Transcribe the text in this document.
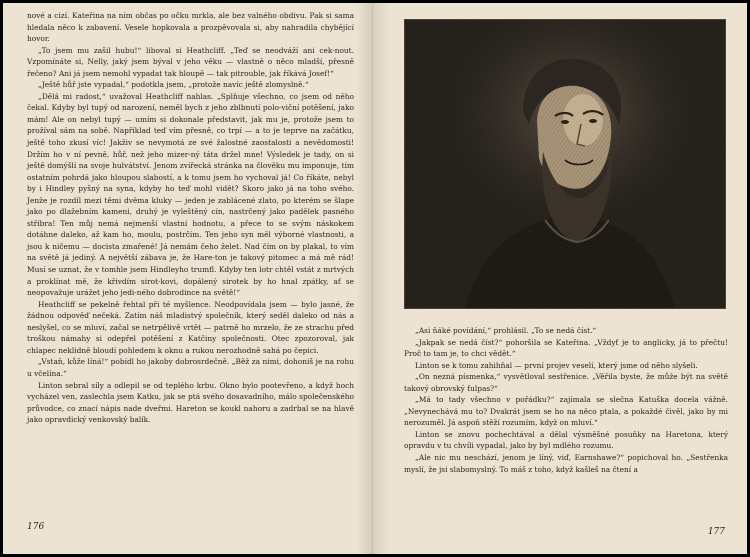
nové a cizí. Kateřina na ním občas po očku mrkla, ale bez valného obdivu. Pak si sama hledala něco k zabavení. Vesele hopkovala a prozpěvovala si, aby nahradila chybějící hovor.

„To jsem mu zašil hubu!“ liboval si Heathcliff. „Teď se neodváží ani cek-nout. Vzpomínáte si, Nelly, jaký jsem býval v jeho věku — vlastně o něco mladší, přesně řečeno? Ani já jsem nemohl vypadat tak hloupě — tak pitrouble, jak říkává Josef!“

„Ještě hůř jste vypadal,“ podotkla jsem, „protože navíc ještě zlomyslně.“

„Dělá mi radost,“ uvažoval Heathcliff nahlas. „Splňuje všechno, co jsem od něho čekal. Kdyby byl tupý od narození, neměl bych z jeho zblbnutí polo-viční potěšení, jako mám! Ale on nebyl tupý — umím si dokonale představit, jak mu je, protože jsem to prožíval sám na sobě. Například teď vím přesně, co trpí — a to je teprve na začátku, ještě toho zkusí víc! Jakživ se nevymotá ze své žalostné zaostalosti a nevědomosti! Držím ho v ní pevně, hůř, než jeho mizer-ný táta držel mne! Výsledek je tady, on si ještě domýšlí na svoje hulvátství. Jenom zvířecká stránka na člověku mu imponuje, tím ostatním pohrdá jako hloupou slabostí, a k tomu jsem ho vychoval já! Co říkáte, nebyl by i Hindley pyšný na syna, kdyby ho teď mohl vidět? Skoro jako já na toho svého. Jenže je rozdíl mezi těmi dvěma kluky — jeden je zablácené zlato, po kterém se šlape jako po dlažebním kameni, druhý je vyleštěný cín, nastrčený jako padělek pasného stříbra! Ten můj nemá nejmenší vlastní hodnotu, a přece to se svým náskokem dotáhne daleko, až kam ho, moulu, postrčím. Ten jeho syn měl výborné vlastnosti, a jsou k ničemu — docista zmařené! Já nemám čeho želet. Nad čím on by plakal, to vím na světě já jediný. A největší zábava je, že Hare-ton je takový pitomec a má mě rád! Musí se uznat, že v tomhle jsem Hindleyho trumfl. Kdyby ten lotr chtěl vstát z mrtvých a proklínat mě, že křivdím sirot-kovi, dopálený sirotek by ho hnal zpátky, ať se neopovažuje urážet jeho jedi-ného dobrodince na světě!“

Heathcliff se pekelně řehtal při té myšlence. Neodpovídala jsem — bylo jasné, že žádnou odpověď nečeká. Zatím náš mladistvý společník, který seděl daleko od nás a neslyšel, co se mluví, začal se netrpělivě vrtět — patrně ho mrzelo, že ze strachu před troškou námahy si odepřel potěšení z Katčiny společnosti. Otec zpozoroval, jak chlapec neklidně bloudí pohledem k oknu a rukou nerozhodně sahá po čepici.

„Vstaň, kůže líná!“ pobídl ho jakoby dobrosrdečně. „Běž za nimi, dohoniš je na rohu u včelína.“

Linton sebral síly a odlepil se od teplého krbu. Okno bylo pootevřeno, a když hoch vycházel ven, zaslechla jsem Katku, jak se ptá svého dosavadního, málo společenského průvodce, co znací nápis nade dveřmi. Hareton se koukl nahoru a zadrbal se na hlavě jako opravdický venkovský balík.

176

„Asi ňáké povídání,“ prohlásil. „To se nedá číst.“

„Jakpak se nedá číst?“ pohoršila se Kateřina. „Vždyť je to anglicky, já to přečtu! Proč to tam je, to chci vědět.“

Linton se k tomu zahihňal — první projev veselí, který jsme od něho slyšeli.

„On nezná písmenka,“ vysvětloval sestřenice. „Věřila byste, že může být na světě takový obrovský ťulpas?“

„Má to tady všechno v pořádku?“ zajímala se slečna Katuška docela vážně. „Nevynechává mu to? Dvakrát jsem se ho na něco ptala, a pokaždé čivěl, jako by mi nerozuměl. Já aspoň stěží rozumím, když on mluví.“

Linton se znovu pochechtával a dělal výsměšné posuňky na Haretona, který opravdu v tu chvíli vypadal, jako by byl mdlého rozumu.

„Ale nic mu neschází, jenom je líný, viď, Earnshawe?“ popichoval ho. „Sestřenka myslí, že jsi slabomyslný. To máš z toho, když kašleš na čtení a

177
